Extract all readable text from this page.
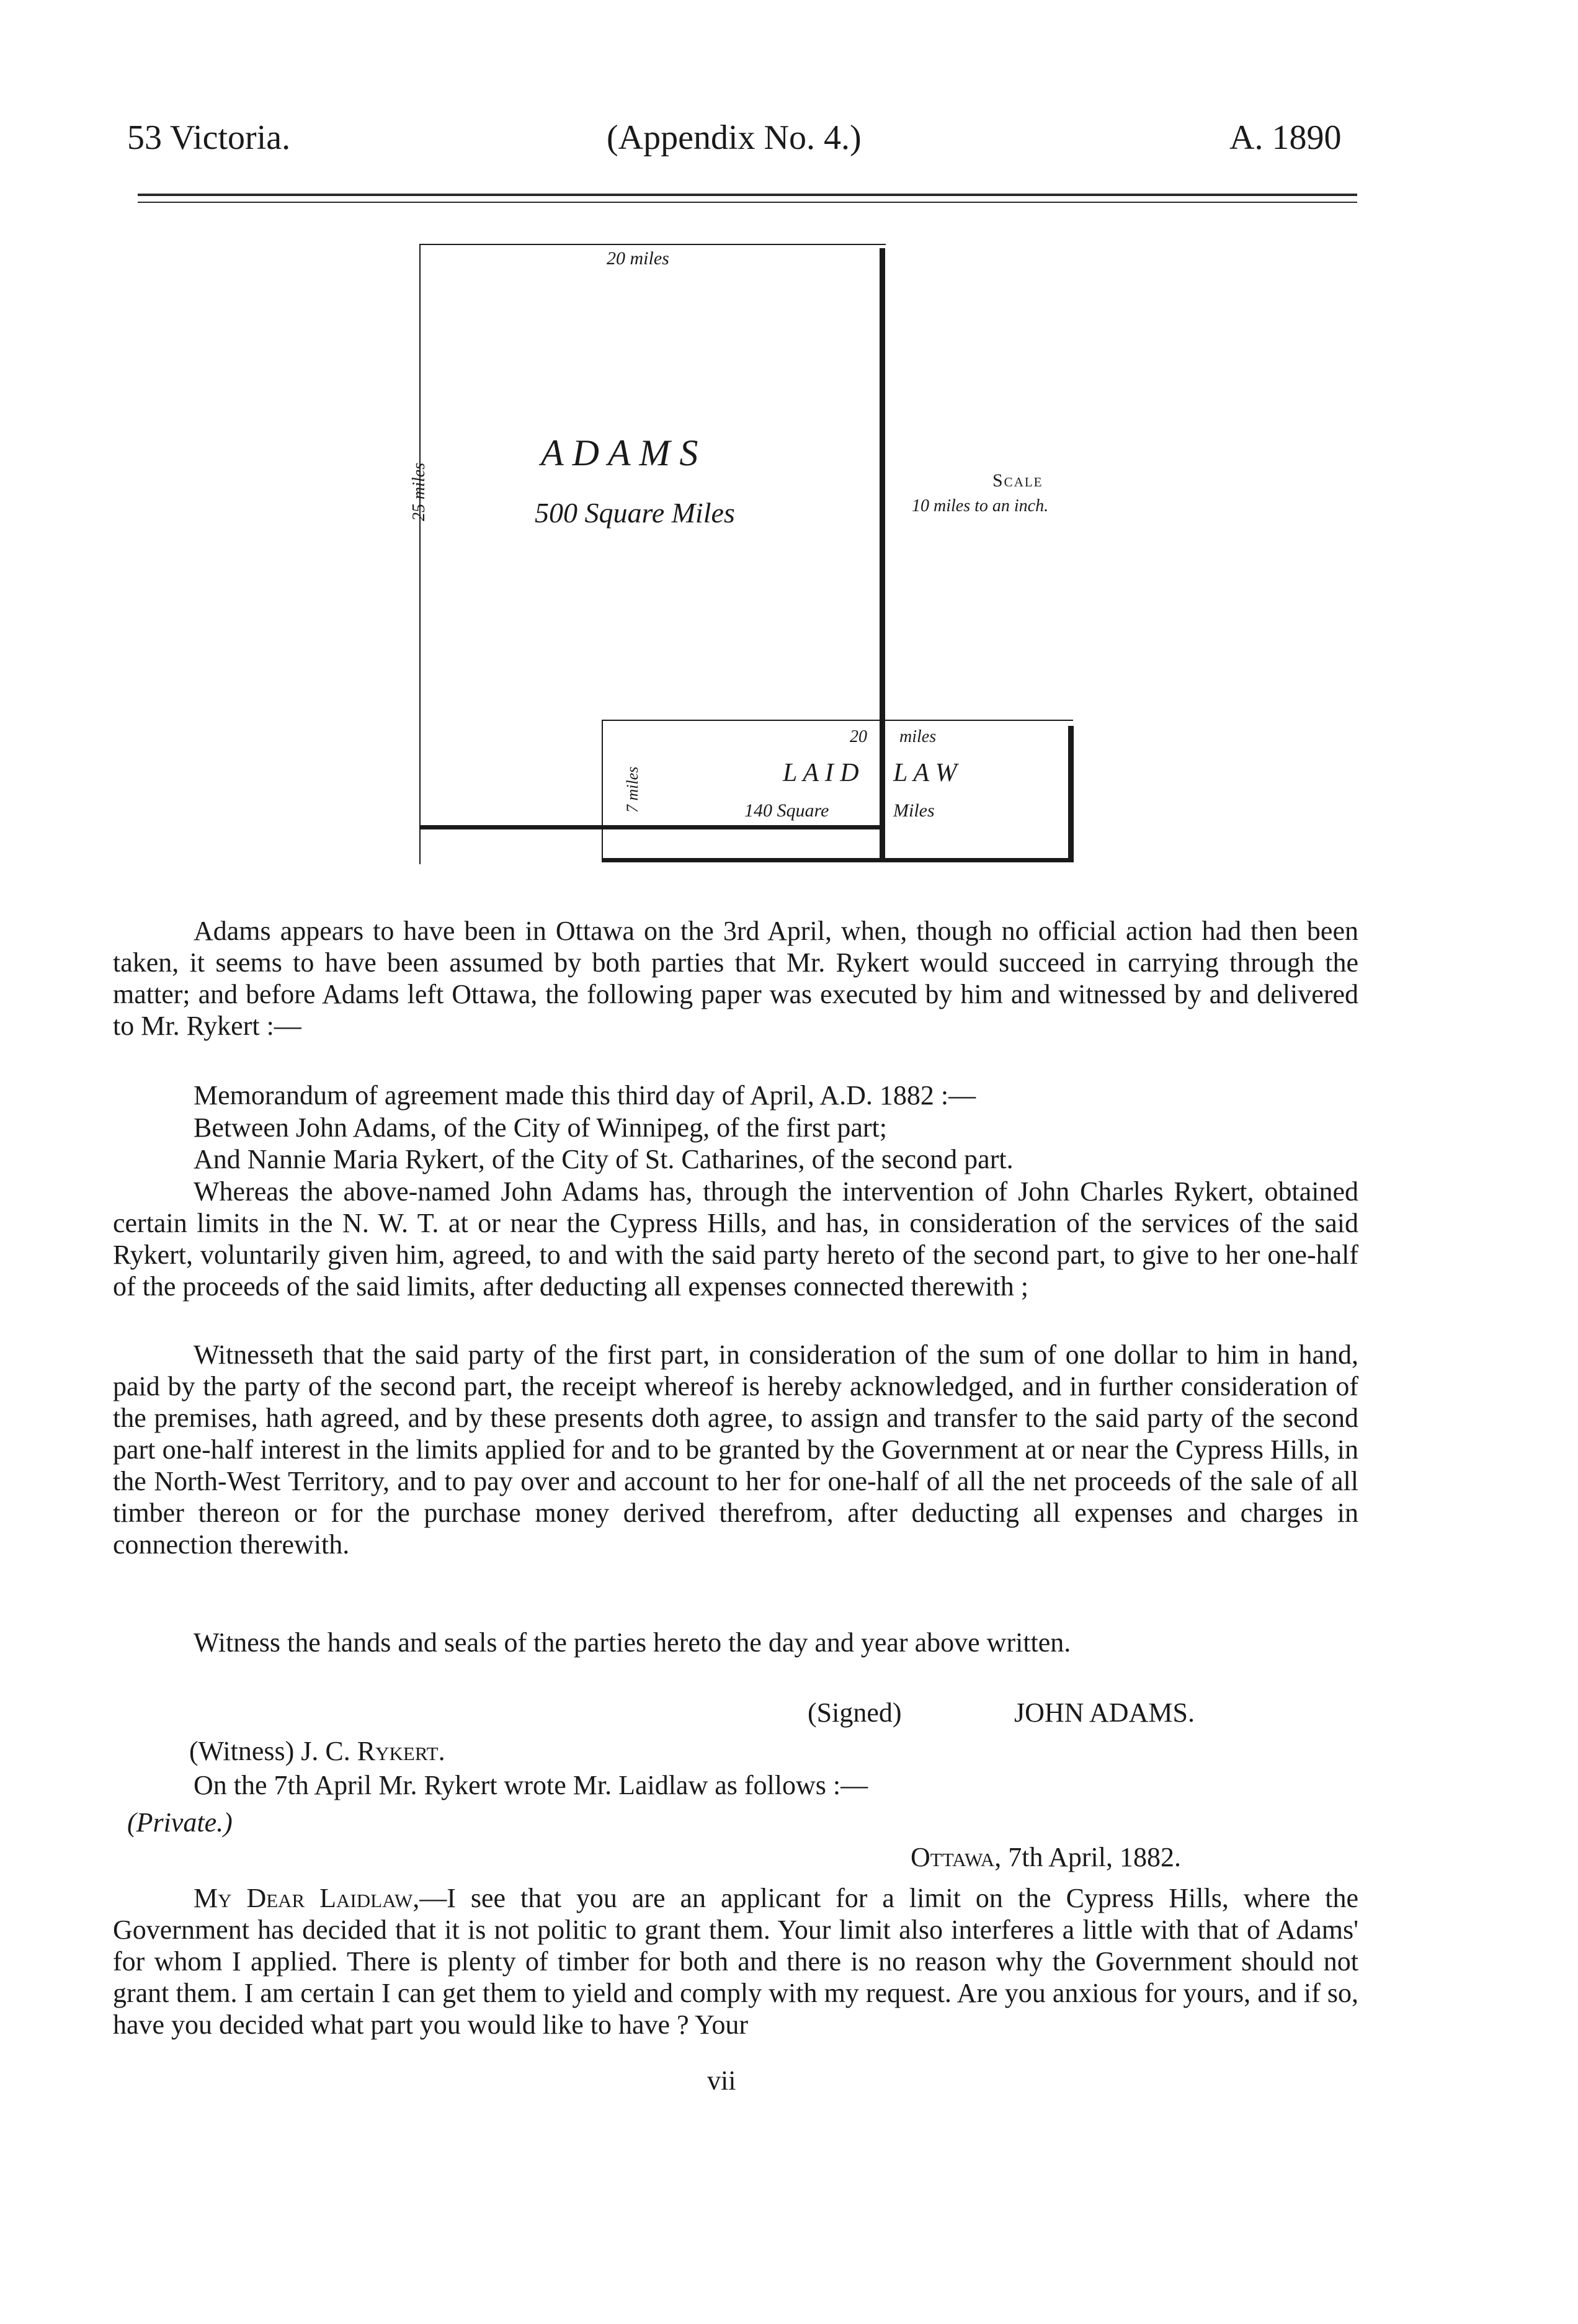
53 Victoria.	(Appendix No. 4.)	A. 1890
20 miles
25 miles
A D A M S
500 Square Miles
Scale
10 miles to an inch.
7 miles
20 miles
L A I D L A W
140 Square	Miles

Adams appears to have been in Ottawa on the 3rd April, when, though no official action had then been taken, it seems to have been assumed by both parties that Mr. Rykert would succeed in carrying through the matter; and before Adams left Ottawa, the following paper was executed by him and witnessed by and delivered to Mr. Rykert :—

Memorandum of agreement made this third day of April, A.D. 1882 :—

Between John Adams, of the City of Winnipeg, of the first part;

And Nannie Maria Rykert, of the City of St. Catharines, of the second part.

Whereas the above-named John Adams has, through the intervention of John Charles Rykert, obtained certain limits in the N. W. T. at or near the Cypress Hills, and has, in consideration of the services of the said Rykert, voluntarily given him, agreed, to and with the said party hereto of the second part, to give to her one-half of the proceeds of the said limits, after deducting all expenses connected therewith ;

Witnesseth that the said party of the first part, in consideration of the sum of one dollar to him in hand, paid by the party of the second part, the receipt whereof is hereby acknowledged, and in further consideration of the premises, hath agreed, and by these presents doth agree, to assign and transfer to the said party of the second part one-half interest in the limits applied for and to be granted by the Government at or near the Cypress Hills, in the North-West Territory, and to pay over and account to her for one-half of all the net proceeds of the sale of all timber thereon or for the purchase money derived therefrom, after deducting all expenses and charges in connection therewith.

Witness the hands and seals of the parties hereto the day and year above written.

(Signed)	JOHN ADAMS.
(Witness) J. C. Rykert.

On the 7th April Mr. Rykert wrote Mr. Laidlaw as follows :—

(Private.)
Ottawa, 7th April, 1882.

My Dear Laidlaw,—I see that you are an applicant for a limit on the Cypress Hills, where the Government has decided that it is not politic to grant them. Your limit also interferes a little with that of Adams' for whom I applied. There is plenty of timber for both and there is no reason why the Government should not grant them. I am certain I can get them to yield and comply with my request. Are you anxious for yours, and if so, have you decided what part you would like to have ? Your

vii
